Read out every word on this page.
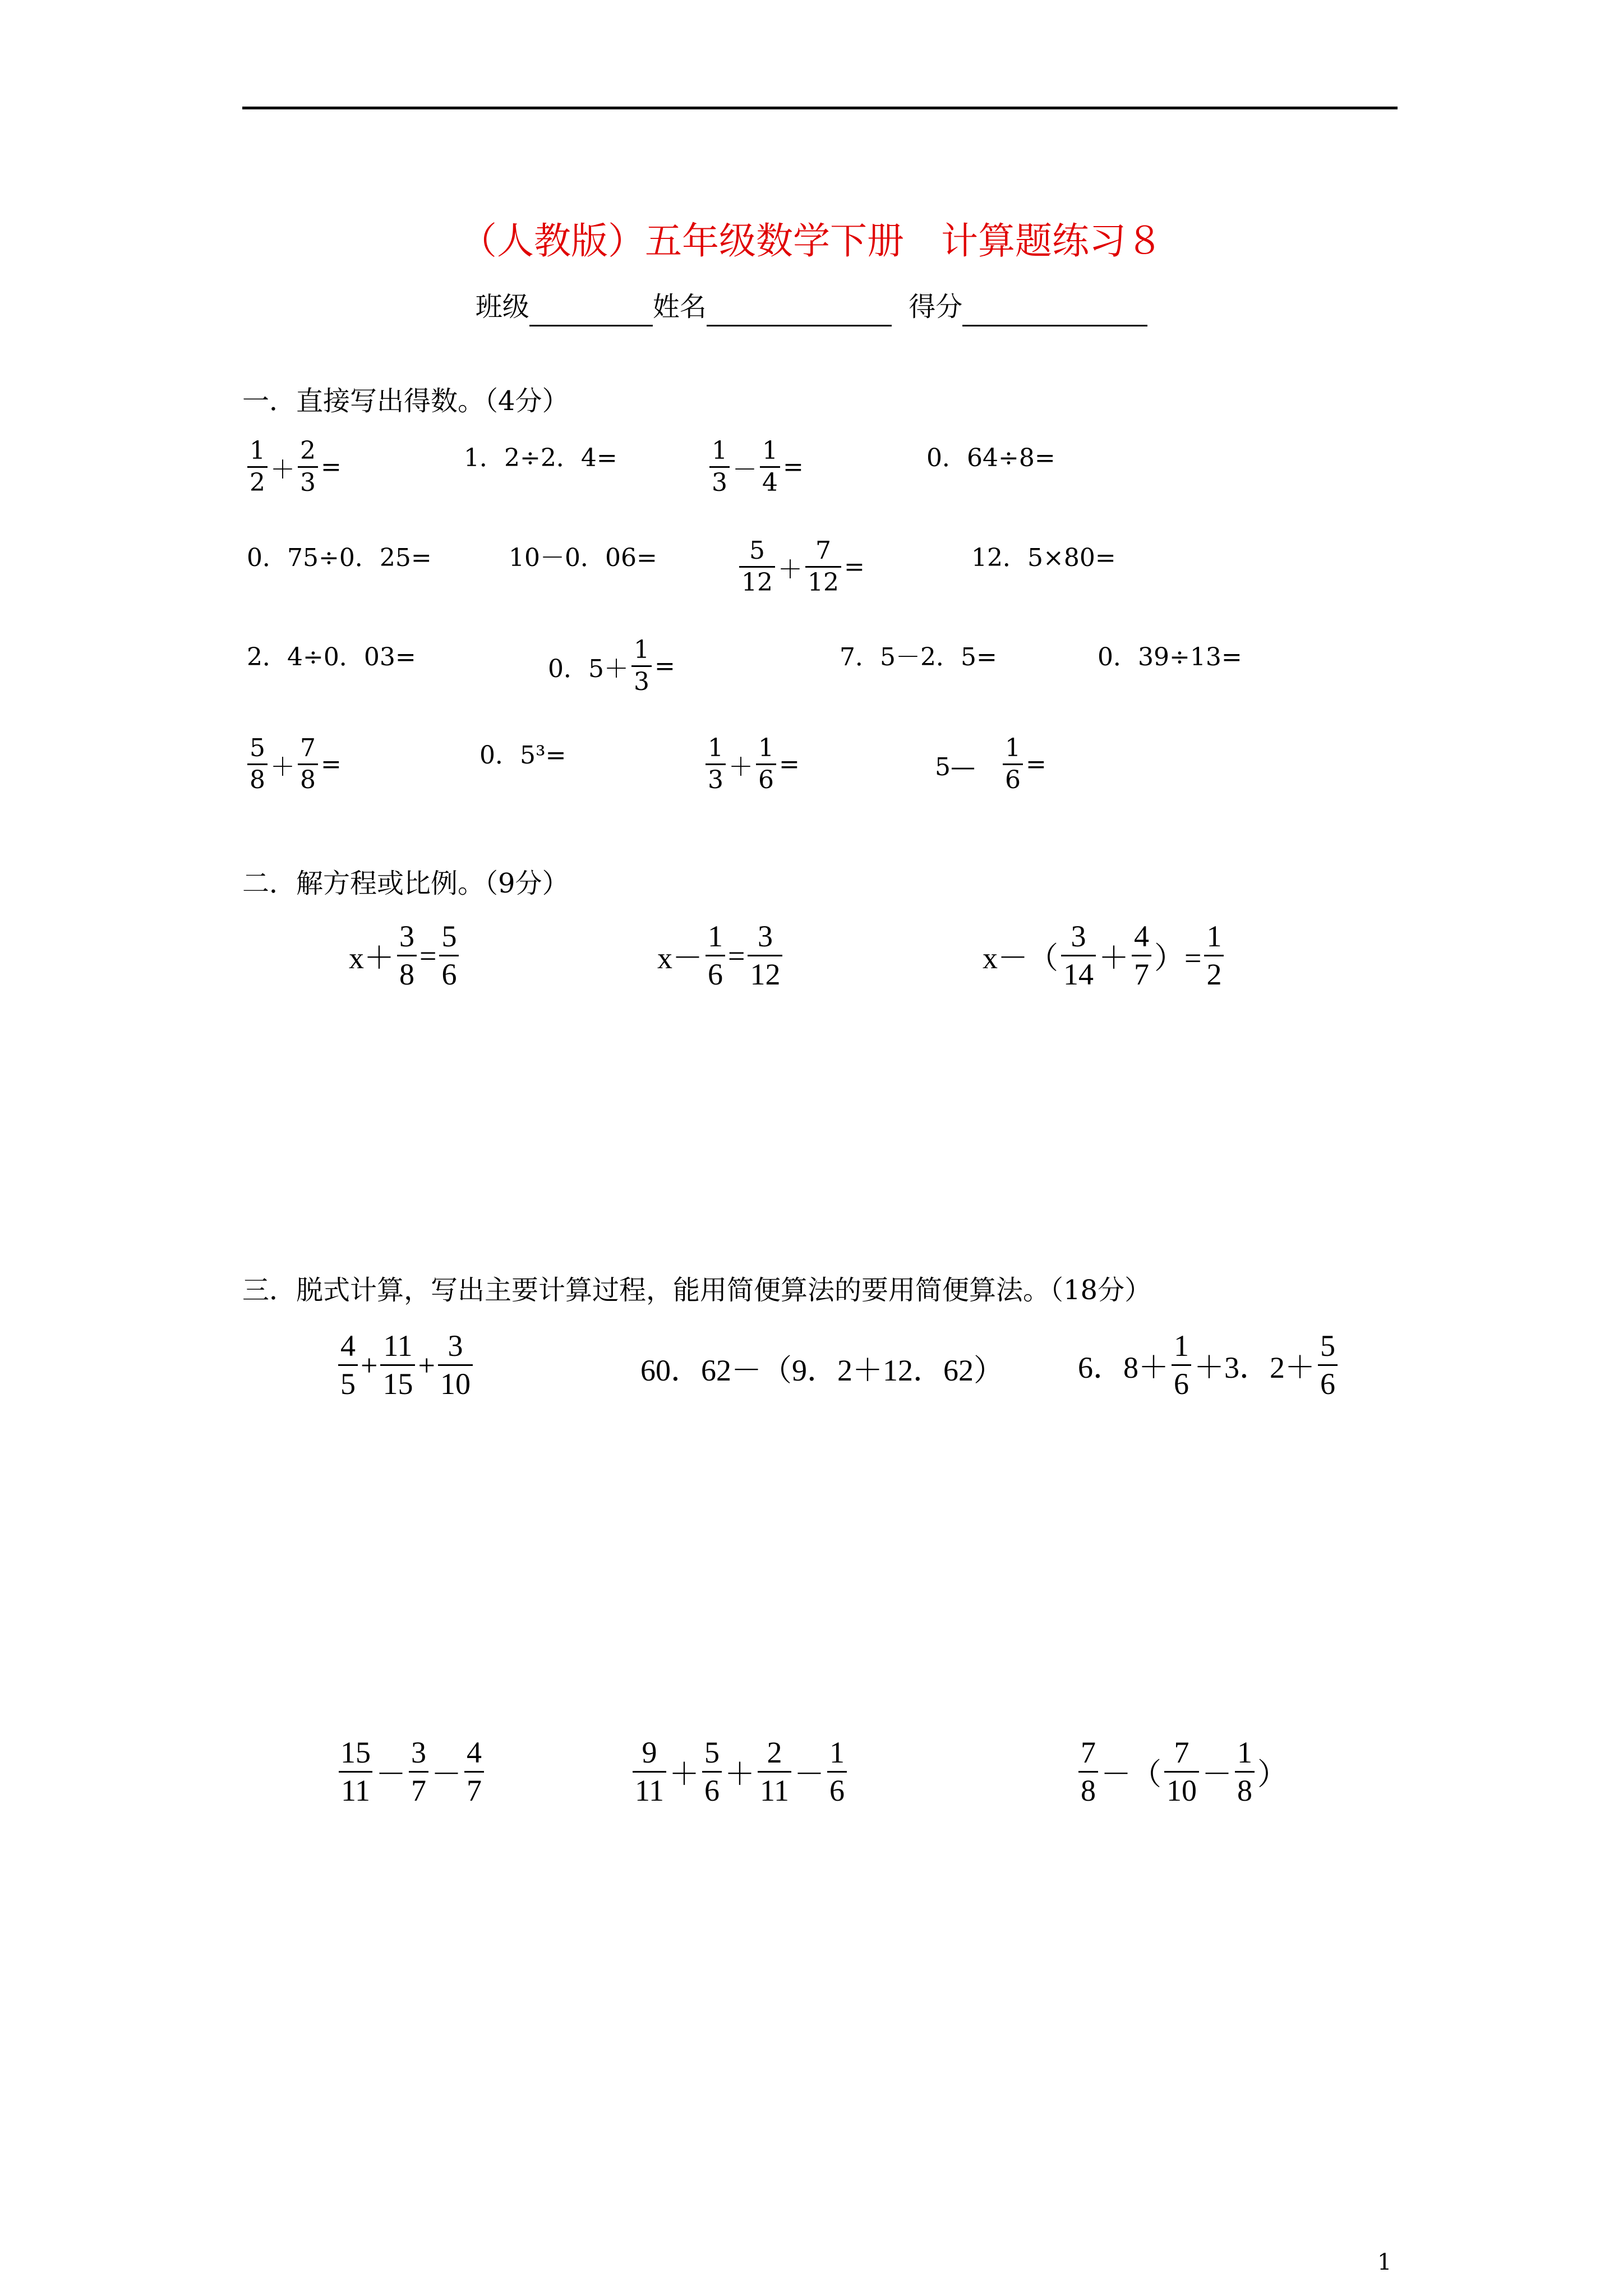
（人教版）五年级数学下册　计算题练习８
班级	姓名	得分
一．直接写出得数。（4分）
二．解方程或比例。（9分）
三．脱式计算，写出主要计算过程，能用简便算法的要用简便算法。（18分）
$\frac{1}{2} + \frac{2}{3}$ =	1．2÷2．4=	$\frac{1}{3} - \frac{1}{4}$ =	0．64÷8=
0．75÷0．25=	10－0．06=	$\frac{5}{12} + \frac{7}{12}$ =	12．5×80=
2．4÷0．03=	0．$5+ \frac{1}{3}$ =	7．5－2．5=	0．39÷13=
$\frac{5}{8} + \frac{7}{8}$ =	0．5³=	$\frac{1}{3} + \frac{1}{6}$ =	5—　 $\frac{1}{6}$ =
$x+ \frac{3}{8} = \frac{5}{6}$	$x- \frac{1}{6} = \frac{3}{12}$	$x-( \frac{3}{14} + \frac{4}{7}$ ）= $\frac{1}{2}$
$\frac{4}{5} + \frac{11}{15} + \frac{3}{10}$	60．62－（9．2＋12．62） 6．$8+ \frac{1}{6} +3$．$2+ \frac{5}{6}$
$\frac{15}{11} - \frac{3}{7} - \frac{4}{7}$	$\frac{9}{11} + \frac{5}{6} + \frac{2}{11} - \frac{1}{6}$	$\frac{7}{8}$ －（ $\frac{7}{10} - \frac{1}{8}$ ）
1
